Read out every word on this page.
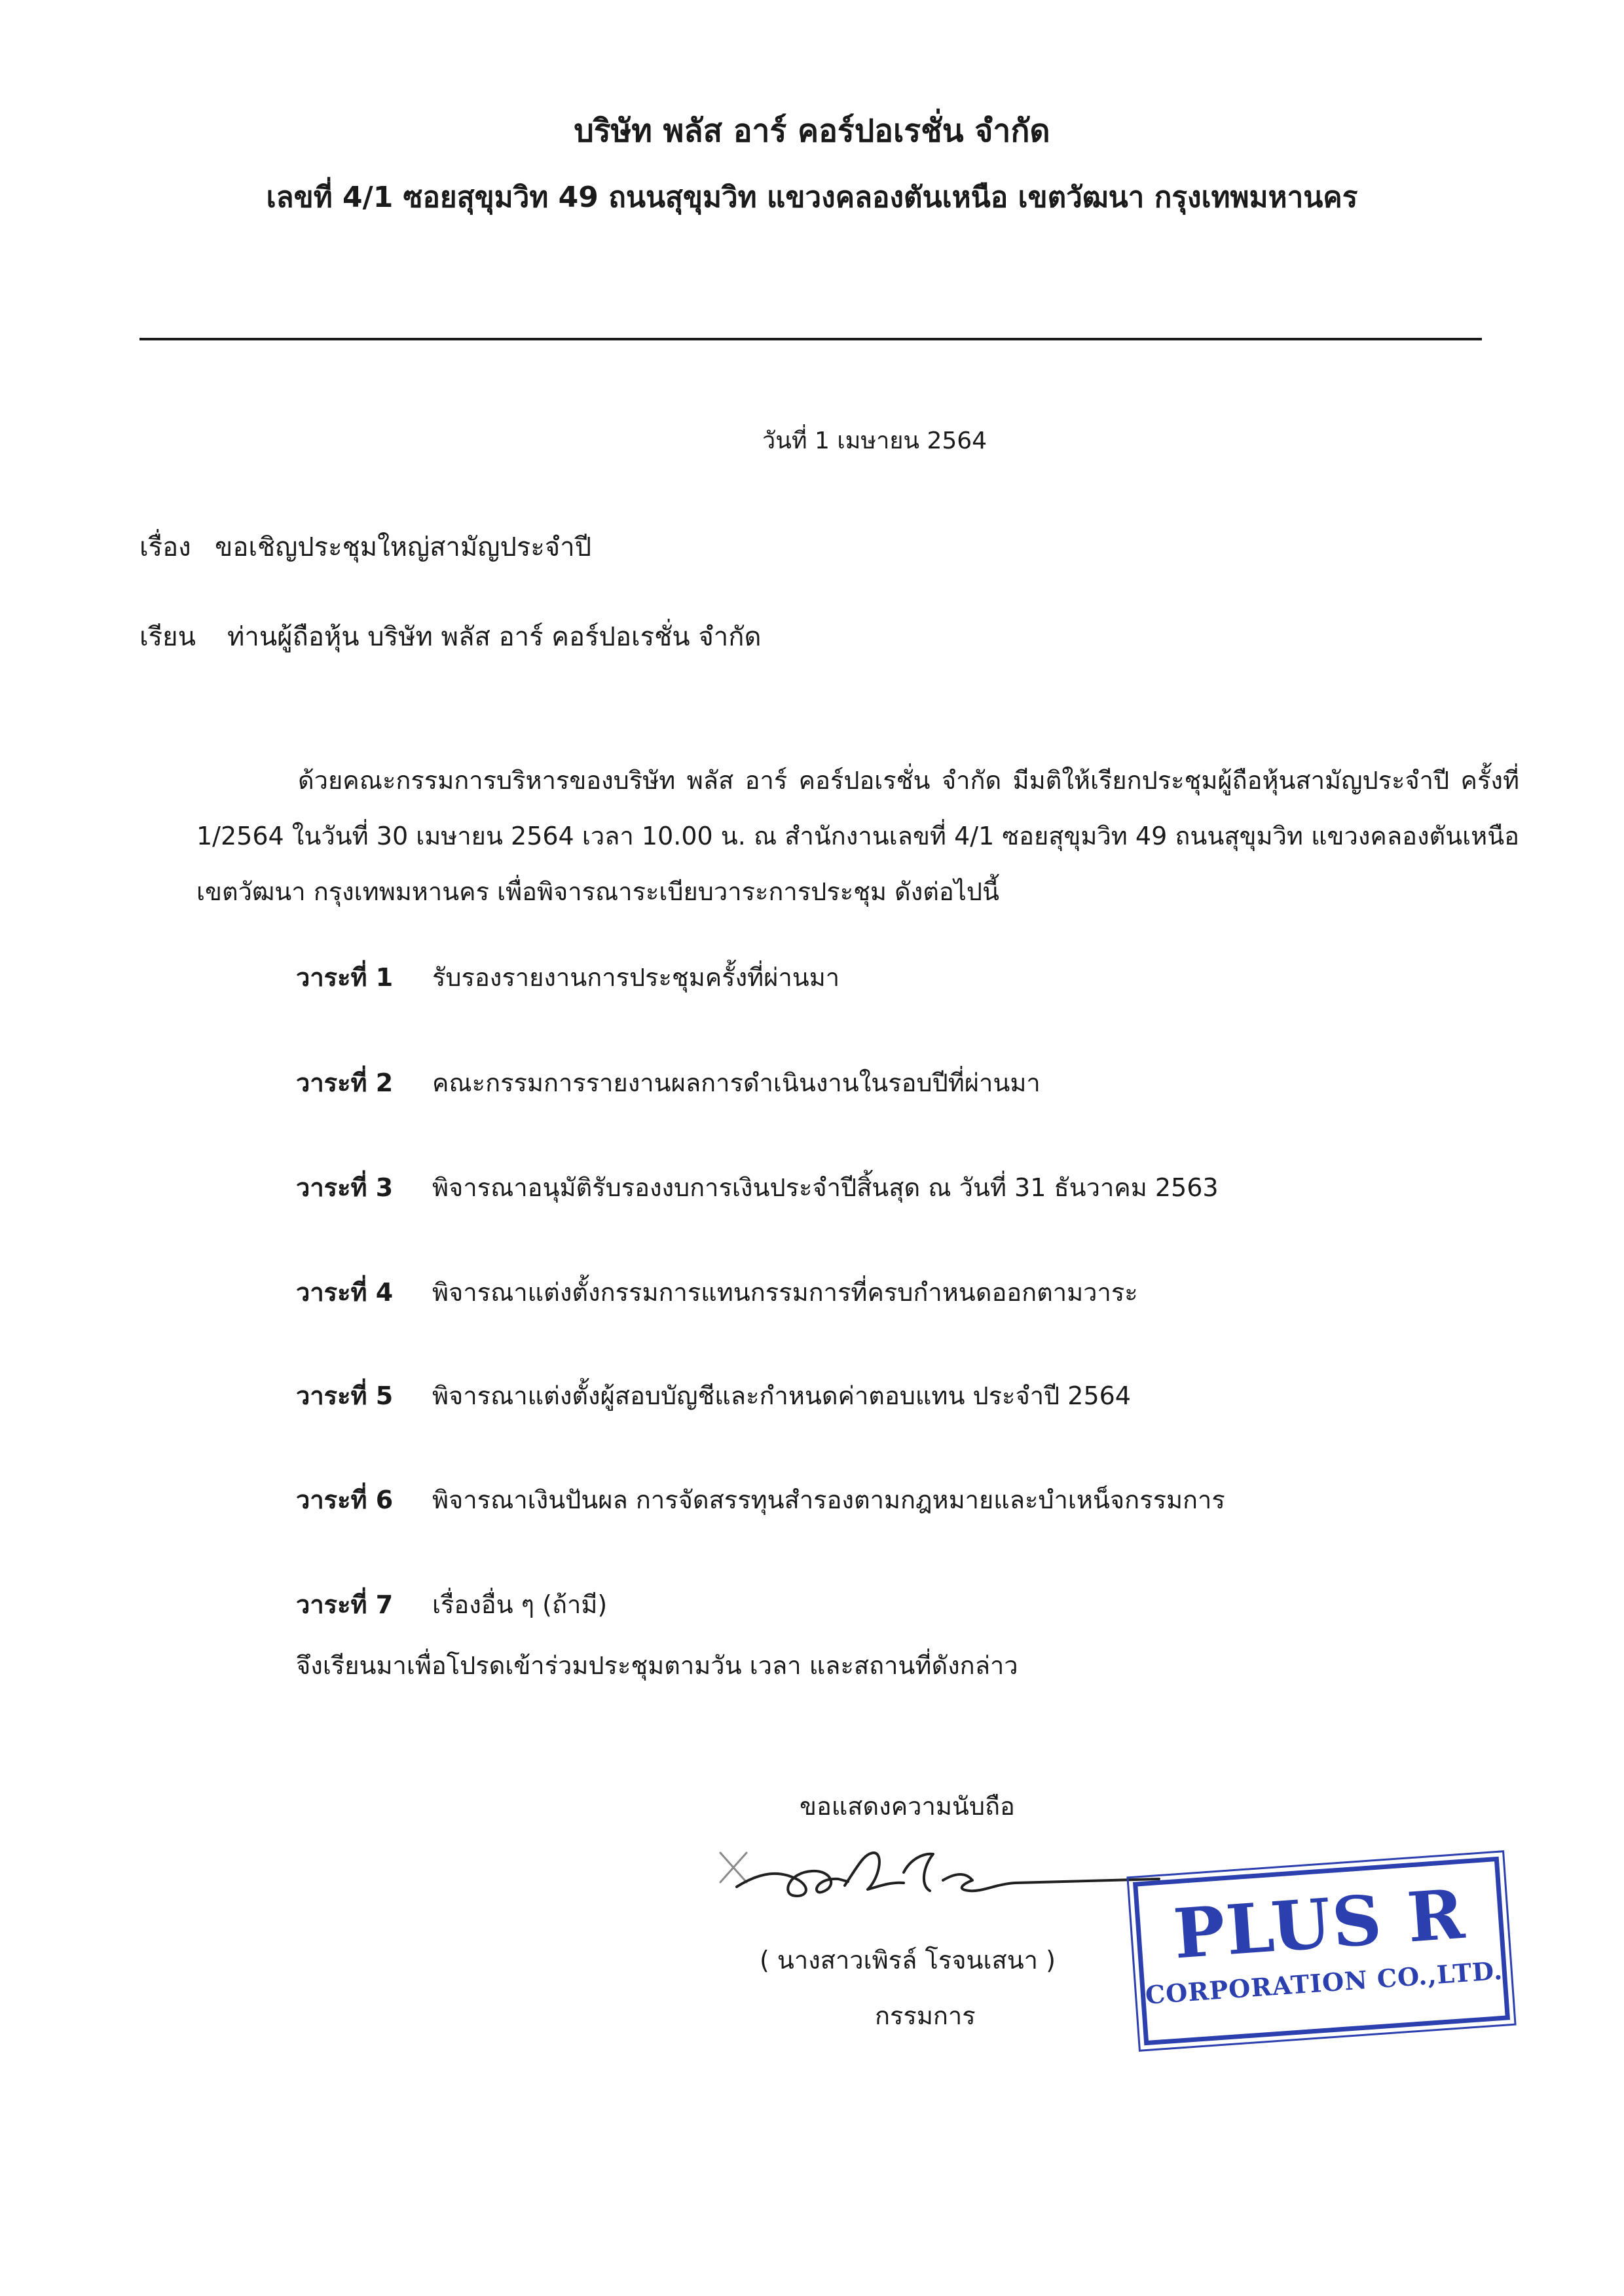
บริษัท พลัส อาร์ คอร์ปอเรชั่น จำกัด
เลขที่ 4/1 ซอยสุขุมวิท 49 ถนนสุขุมวิท แขวงคลองตันเหนือ เขตวัฒนา กรุงเทพมหานคร
วันที่ 1 เมษายน 2564
เรื่อง ขอเชิญประชุมใหญ่สามัญประจำปี
เรียน ท่านผู้ถือหุ้น บริษัท พลัส อาร์ คอร์ปอเรชั่น จำกัด
ด้วยคณะกรรมการบริหารของบริษัท พลัส อาร์ คอร์ปอเรชั่น จำกัด มีมติให้เรียกประชุมผู้ถือหุ้นสามัญประจำปี ครั้งที่ 1/2564 ในวันที่ 30 เมษายน 2564 เวลา 10.00 น. ณ สำนักงานเลขที่ 4/1 ซอยสุขุมวิท 49 ถนนสุขุมวิท แขวงคลองตันเหนือ เขตวัฒนา กรุงเทพมหานคร เพื่อพิจารณาระเบียบวาระการประชุม ดังต่อไปนี้
วาระที่ 1 รับรองรายงานการประชุมครั้งที่ผ่านมา
วาระที่ 2 คณะกรรมการรายงานผลการดำเนินงานในรอบปีที่ผ่านมา
วาระที่ 3 พิจารณาอนุมัติรับรองงบการเงินประจำปีสิ้นสุด ณ วันที่ 31 ธันวาคม 2563
วาระที่ 4 พิจารณาแต่งตั้งกรรมการแทนกรรมการที่ครบกำหนดออกตามวาระ
วาระที่ 5 พิจารณาแต่งตั้งผู้สอบบัญชีและกำหนดค่าตอบแทน ประจำปี 2564
วาระที่ 6 พิจารณาเงินปันผล การจัดสรรทุนสำรองตามกฎหมายและบำเหน็จกรรมการ
วาระที่ 7 เรื่องอื่น ๆ (ถ้ามี)
จึงเรียนมาเพื่อโปรดเข้าร่วมประชุมตามวัน เวลา และสถานที่ดังกล่าว
ขอแสดงความนับถือ
( นางสาวเพิรล์ โรจนเสนา )
กรรมการ
PLUS R
CORPORATION CO.,LTD.
